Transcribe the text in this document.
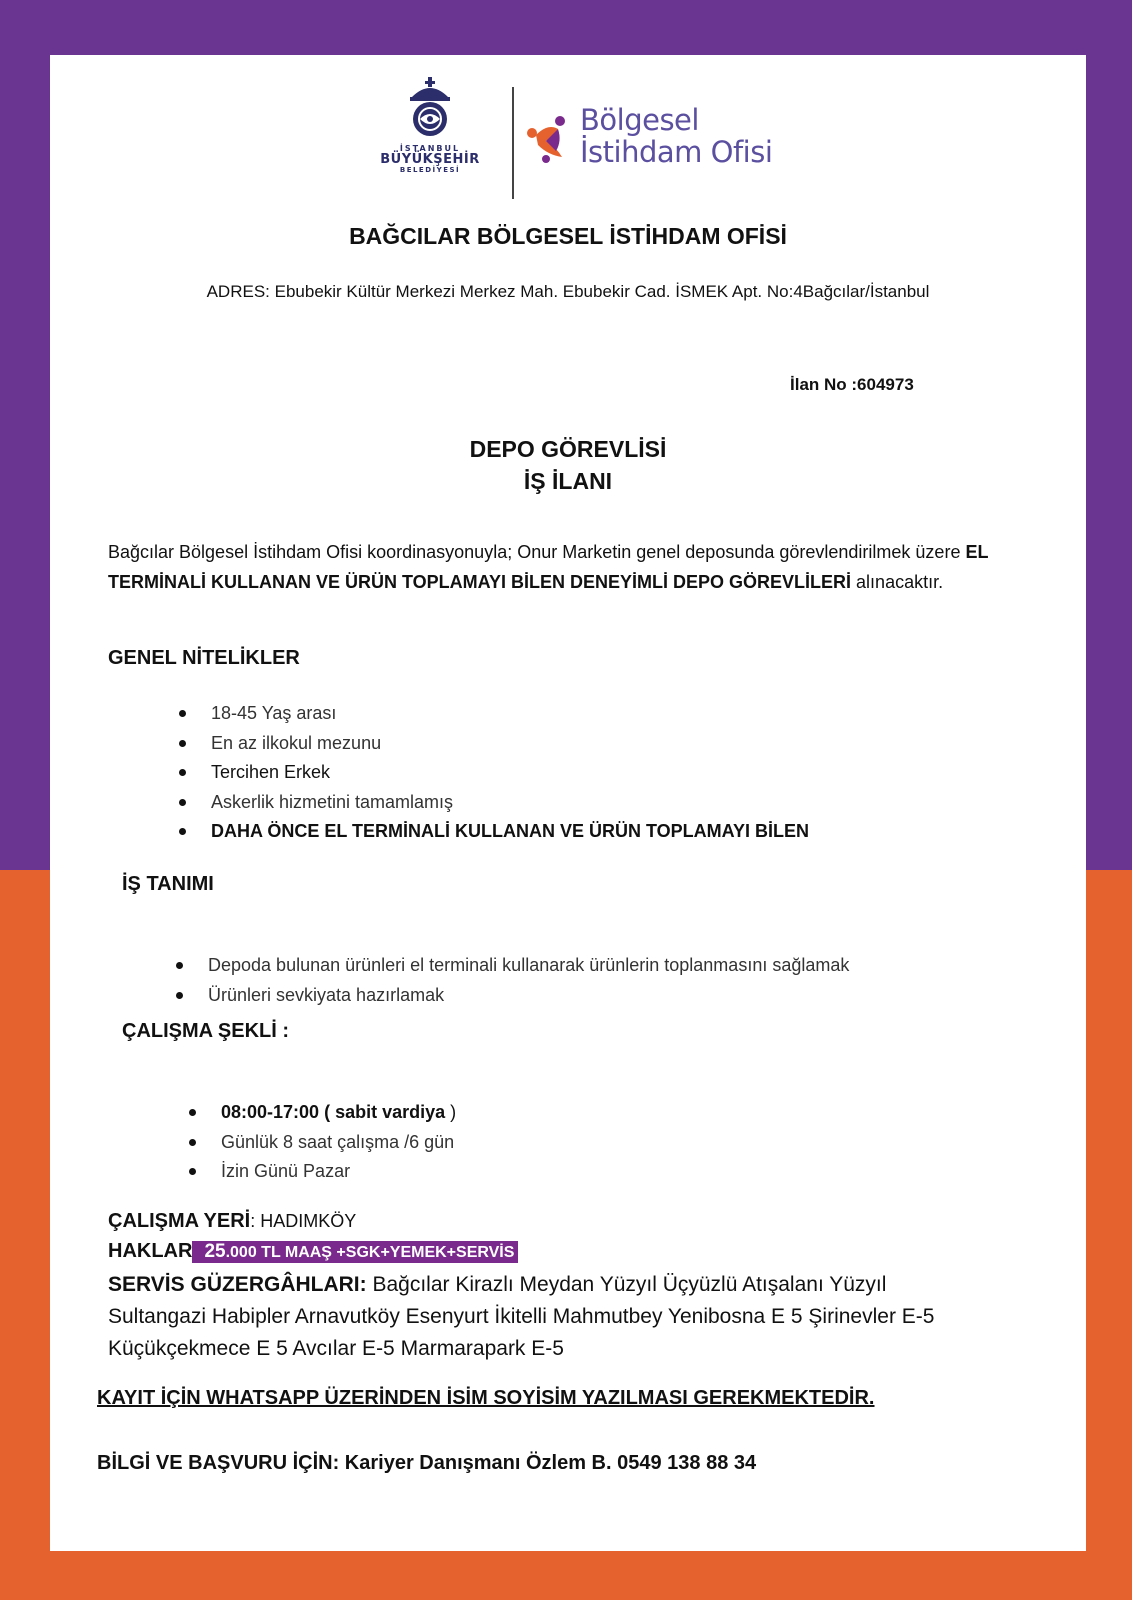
İSTANBUL
BÜYÜKŞEHİR
BELEDİYESİ
Bölgesel
İstihdam Ofisi
BAĞCILAR BÖLGESEL İSTİHDAM OFİSİ
ADRES: Ebubekir Kültür Merkezi Merkez Mah. Ebubekir Cad. İSMEK Apt. No:4Bağcılar/İstanbul
İlan No :604973
DEPO GÖREVLİSİ
İŞ İLANI
Bağcılar Bölgesel İstihdam Ofisi koordinasyonuyla; Onur Marketin genel deposunda görevlendirilmek üzere EL TERMİNALİ KULLANAN VE ÜRÜN TOPLAMAYI BİLEN DENEYİMLİ DEPO GÖREVLİLERİ alınacaktır.
GENEL NİTELİKLER
18-45 Yaş arası
En az ilkokul mezunu
Tercihen Erkek
Askerlik hizmetini tamamlamış
DAHA ÖNCE EL TERMİNALİ KULLANAN VE ÜRÜN TOPLAMAYI BİLEN
İŞ TANIMI
Depoda bulunan ürünleri el terminali kullanarak ürünlerin toplanmasını sağlamak
Ürünleri sevkiyata hazırlamak
ÇALIŞMA ŞEKLİ :
08:00-17:00 ( sabit vardiya )
Günlük 8 saat çalışma /6 gün
İzin Günü Pazar
ÇALIŞMA YERİ: HADIMKÖY
HAKLAR 25.000 TL MAAŞ +SGK+YEMEK+SERVİS
SERVİS GÜZERGÂHLARI: Bağcılar Kirazlı Meydan Yüzyıl Üçyüzlü Atışalanı Yüzyıl Sultangazi Habipler Arnavutköy Esenyurt İkitelli Mahmutbey Yenibosna E 5 Şirinevler E-5 Küçükçekmece E 5 Avcılar E-5 Marmarapark E-5
KAYIT İÇİN WHATSAPP ÜZERİNDEN İSİM SOYİSİM YAZILMASI GEREKMEKTEDİR.
BİLGİ VE BAŞVURU İÇİN: Kariyer Danışmanı Özlem B. 0549 138 88 34
